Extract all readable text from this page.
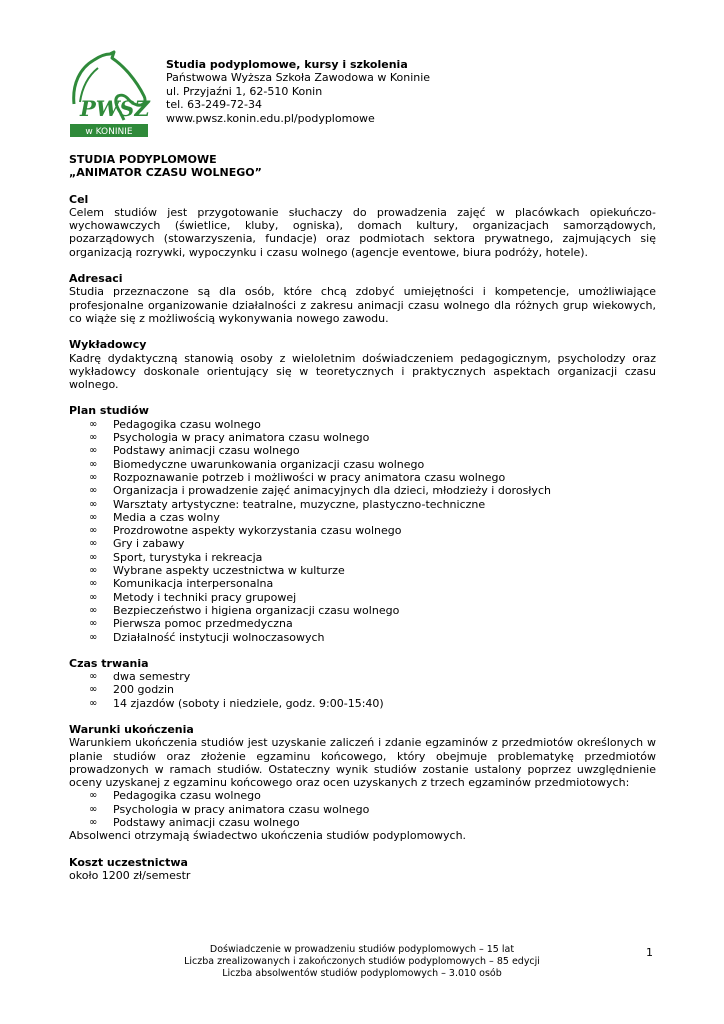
PWSZ
w KONINIE
Studia podyplomowe, kursy i szkolenia
Państwowa Wyższa Szkoła Zawodowa w Koninie
ul. Przyjaźni 1, 62-510 Konin
tel. 63-249-72-34
www.pwsz.konin.edu.pl/podyplomowe
STUDIA PODYPLOMOWE
„ANIMATOR CZASU WOLNEGO”
Cel

Celem studiów jest przygotowanie słuchaczy do prowadzenia zajęć w placówkach opiekuńczo-wychowawczych (świetlice, kluby, ogniska), domach kultury, organizacjach samorządowych, pozarządowych (stowarzyszenia, fundacje) oraz podmiotach sektora prywatnego, zajmujących się organizacją rozrywki, wypoczynku i czasu wolnego (agencje eventowe, biura podróży, hotele).

Adresaci

Studia przeznaczone są dla osób, które chcą zdobyć umiejętności i kompetencje, umożliwiające profesjonalne organizowanie działalności z zakresu animacji czasu wolnego dla różnych grup wiekowych, co wiąże się z możliwością wykonywania nowego zawodu.

Wykładowcy

Kadrę dydaktyczną stanowią osoby z wieloletnim doświadczeniem pedagogicznym, psycholodzy oraz wykładowcy doskonale orientujący się w teoretycznych i praktycznych aspektach organizacji czasu wolnego.

Plan studiów
∞ Pedagogika czasu wolnego
∞ Psychologia w pracy animatora czasu wolnego
∞ Podstawy animacji czasu wolnego
∞ Biomedyczne uwarunkowania organizacji czasu wolnego
∞ Rozpoznawanie potrzeb i możliwości w pracy animatora czasu wolnego
∞ Organizacja i prowadzenie zajęć animacyjnych dla dzieci, młodzieży i dorosłych
∞ Warsztaty artystyczne: teatralne, muzyczne, plastyczno-techniczne
∞ Media a czas wolny
∞ Prozdrowotne aspekty wykorzystania czasu wolnego
∞ Gry i zabawy
∞ Sport, turystyka i rekreacja
∞ Wybrane aspekty uczestnictwa w kulturze
∞ Komunikacja interpersonalna
∞ Metody i techniki pracy grupowej
∞ Bezpieczeństwo i higiena organizacji czasu wolnego
∞ Pierwsza pomoc przedmedyczna
∞ Działalność instytucji wolnoczasowych
Czas trwania
∞ dwa semestry
∞ 200 godzin
∞ 14 zjazdów (soboty i niedziele, godz. 9:00-15:40)
Warunki ukończenia

Warunkiem ukończenia studiów jest uzyskanie zaliczeń i zdanie egzaminów z przedmiotów określonych w planie studiów oraz złożenie egzaminu końcowego, który obejmuje problematykę przedmiotów prowadzonych w ramach studiów. Ostateczny wynik studiów zostanie ustalony poprzez uwzględnienie oceny uzyskanej z egzaminu końcowego oraz ocen uzyskanych z trzech egzaminów przedmiotowych:

∞ Pedagogika czasu wolnego
∞ Psychologia w pracy animatora czasu wolnego
∞ Podstawy animacji czasu wolnego

Absolwenci otrzymają świadectwo ukończenia studiów podyplomowych.

Koszt uczestnictwa
około 1200 zł/semestr
Doświadczenie w prowadzeniu studiów podyplomowych – 15 lat
Liczba zrealizowanych i zakończonych studiów podyplomowych – 85 edycji
Liczba absolwentów studiów podyplomowych – 3.010 osób
1
